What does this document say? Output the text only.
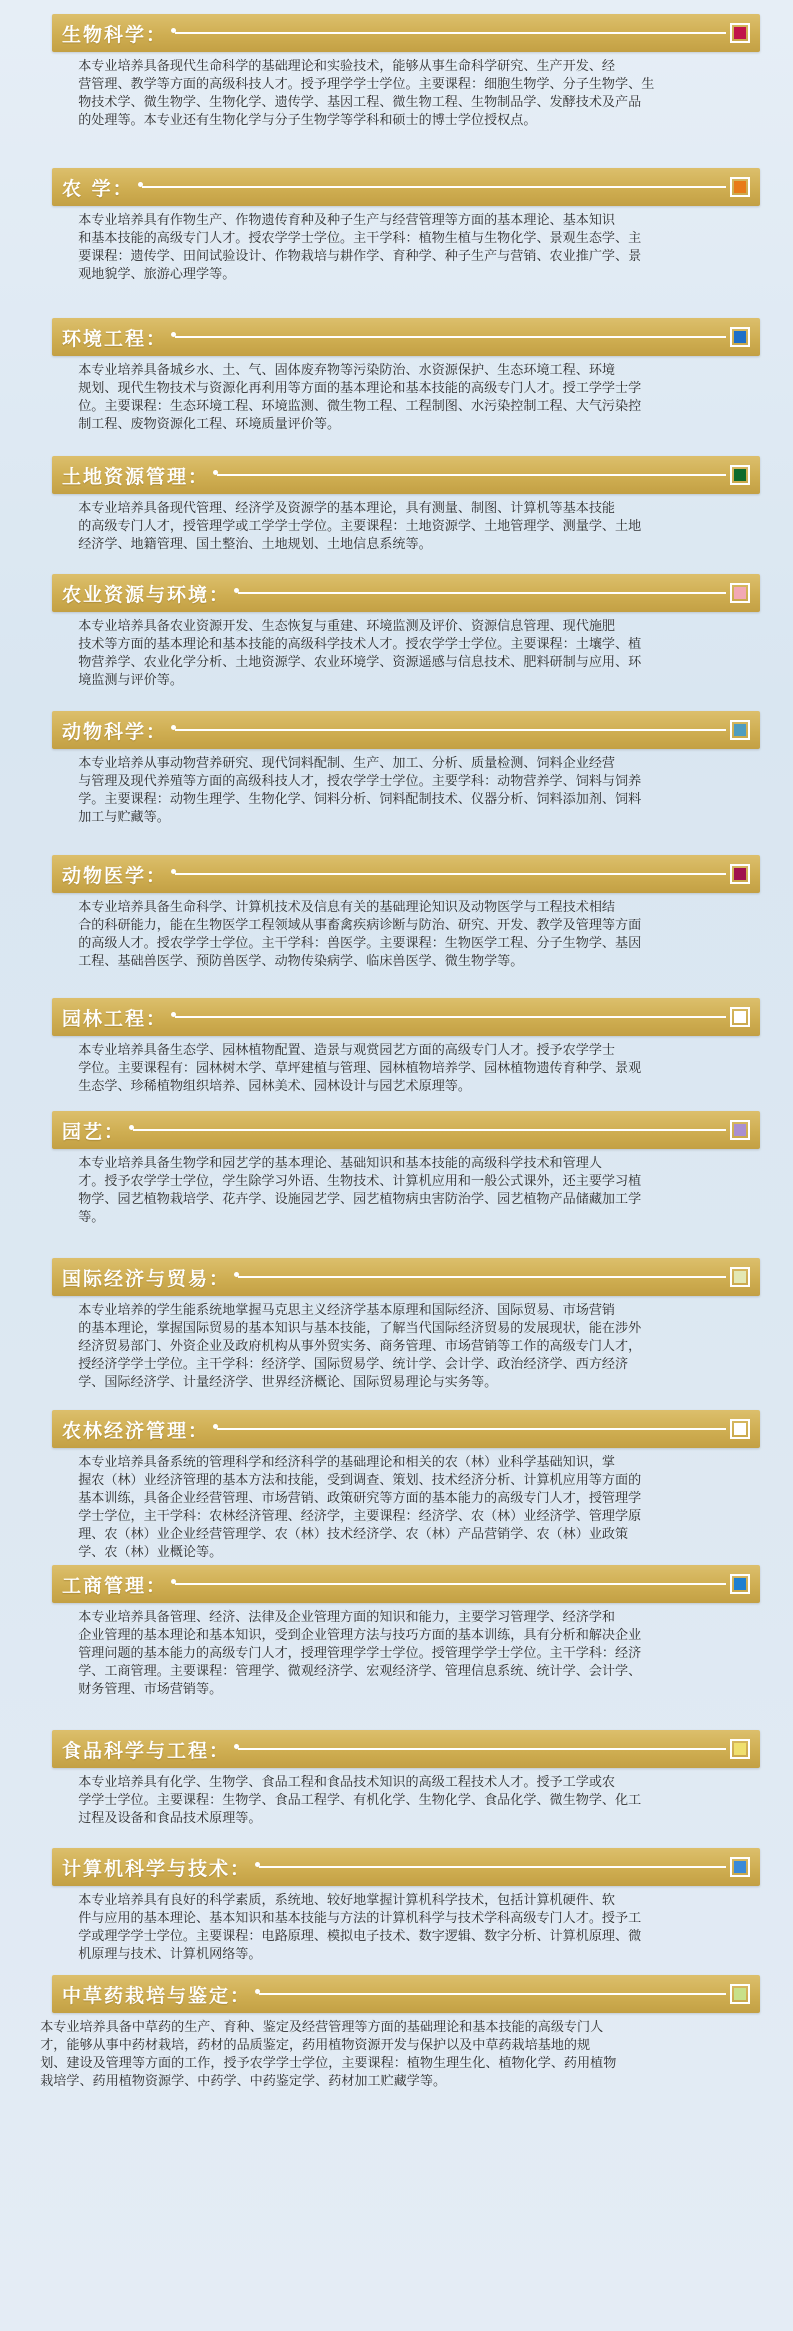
生物科学：
本专业培养具备现代生命科学的基础理论和实验技术，能够从事生命科学研究、生产开发、经
营管理、教学等方面的高级科技人才。授予理学学士学位。主要课程：细胞生物学、分子生物学、生
物技术学、微生物学、生物化学、遗传学、基因工程、微生物工程、生物制品学、发酵技术及产品
的处理等。本专业还有生物化学与分子生物学等学科和硕士的博士学位授权点。
农 学：
本专业培养具有作物生产、作物遗传育种及种子生产与经营管理等方面的基本理论、基本知识
和基本技能的高级专门人才。授农学学士学位。主干学科：植物生植与生物化学、景观生态学、主
要课程：遗传学、田间试验设计、作物栽培与耕作学、育种学、种子生产与营销、农业推广学、景
观地貌学、旅游心理学等。
环境工程：
本专业培养具备城乡水、土、气、固体废弃物等污染防治、水资源保护、生态环境工程、环境
规划、现代生物技术与资源化再利用等方面的基本理论和基本技能的高级专门人才。授工学学士学
位。主要课程：生态环境工程、环境监测、微生物工程、工程制图、水污染控制工程、大气污染控
制工程、废物资源化工程、环境质量评价等。
土地资源管理：
本专业培养具备现代管理、经济学及资源学的基本理论，具有测量、制图、计算机等基本技能
的高级专门人才，授管理学或工学学士学位。主要课程：土地资源学、土地管理学、测量学、土地
经济学、地籍管理、国土整治、土地规划、土地信息系统等。
农业资源与环境：
本专业培养具备农业资源开发、生态恢复与重建、环境监测及评价、资源信息管理、现代施肥
技术等方面的基本理论和基本技能的高级科学技术人才。授农学学士学位。主要课程：土壤学、植
物营养学、农业化学分析、土地资源学、农业环境学、资源遥感与信息技术、肥料研制与应用、环
境监测与评价等。
动物科学：
本专业培养从事动物营养研究、现代饲料配制、生产、加工、分析、质量检测、饲料企业经营
与管理及现代养殖等方面的高级科技人才，授农学学士学位。主要学科：动物营养学、饲料与饲养
学。主要课程：动物生理学、生物化学、饲料分析、饲料配制技术、仪器分析、饲料添加剂、饲料
加工与贮藏等。
动物医学：
本专业培养具备生命科学、计算机技术及信息有关的基础理论知识及动物医学与工程技术相结
合的科研能力，能在生物医学工程领域从事畜禽疾病诊断与防治、研究、开发、教学及管理等方面
的高级人才。授农学学士学位。主干学科：兽医学。主要课程：生物医学工程、分子生物学、基因
工程、基础兽医学、预防兽医学、动物传染病学、临床兽医学、微生物学等。
园林工程：
本专业培养具备生态学、园林植物配置、造景与观赏园艺方面的高级专门人才。授予农学学士
学位。主要课程有：园林树木学、草坪建植与管理、园林植物培养学、园林植物遗传育种学、景观
生态学、珍稀植物组织培养、园林美术、园林设计与园艺术原理等。
园艺：
本专业培养具备生物学和园艺学的基本理论、基础知识和基本技能的高级科学技术和管理人
才。授予农学学士学位，学生除学习外语、生物技术、计算机应用和一般公式课外，还主要学习植
物学、园艺植物栽培学、花卉学、设施园艺学、园艺植物病虫害防治学、园艺植物产品储藏加工学
等。
国际经济与贸易：
本专业培养的学生能系统地掌握马克思主义经济学基本原理和国际经济、国际贸易、市场营销
的基本理论，掌握国际贸易的基本知识与基本技能，了解当代国际经济贸易的发展现状，能在涉外
经济贸易部门、外资企业及政府机构从事外贸实务、商务管理、市场营销等工作的高级专门人才，
授经济学学士学位。主干学科：经济学、国际贸易学、统计学、会计学、政治经济学、西方经济
学、国际经济学、计量经济学、世界经济概论、国际贸易理论与实务等。
农林经济管理：
本专业培养具备系统的管理科学和经济科学的基础理论和相关的农（林）业科学基础知识，掌
握农（林）业经济管理的基本方法和技能，受到调查、策划、技术经济分析、计算机应用等方面的
基本训练，具备企业经营管理、市场营销、政策研究等方面的基本能力的高级专门人才，授管理学
学士学位，主干学科：农林经济管理、经济学，主要课程：经济学、农（林）业经济学、管理学原
理、农（林）业企业经营管理学、农（林）技术经济学、农（林）产品营销学、农（林）业政策
学、农（林）业概论等。
工商管理：
本专业培养具备管理、经济、法律及企业管理方面的知识和能力，主要学习管理学、经济学和
企业管理的基本理论和基本知识，受到企业管理方法与技巧方面的基本训练，具有分析和解决企业
管理问题的基本能力的高级专门人才，授理管理学学士学位。授管理学学士学位。主干学科：经济
学、工商管理。主要课程：管理学、微观经济学、宏观经济学、管理信息系统、统计学、会计学、
财务管理、市场营销等。
食品科学与工程：
本专业培养具有化学、生物学、食品工程和食品技术知识的高级工程技术人才。授予工学或农
学学士学位。主要课程：生物学、食品工程学、有机化学、生物化学、食品化学、微生物学、化工
过程及设备和食品技术原理等。
计算机科学与技术：
本专业培养具有良好的科学素质，系统地、较好地掌握计算机科学技术，包括计算机硬件、软
件与应用的基本理论、基本知识和基本技能与方法的计算机科学与技术学科高级专门人才。授予工
学或理学学士学位。主要课程：电路原理、模拟电子技术、数字逻辑、数字分析、计算机原理、微
机原理与技术、计算机网络等。
中草药栽培与鉴定：
本专业培养具备中草药的生产、育种、鉴定及经营管理等方面的基础理论和基本技能的高级专门人
才，能够从事中药材栽培，药材的品质鉴定，药用植物资源开发与保护以及中草药栽培基地的规
划、建设及管理等方面的工作，授予农学学士学位，主要课程：植物生理生化、植物化学、药用植物
栽培学、药用植物资源学、中药学、中药鉴定学、药材加工贮藏学等。
